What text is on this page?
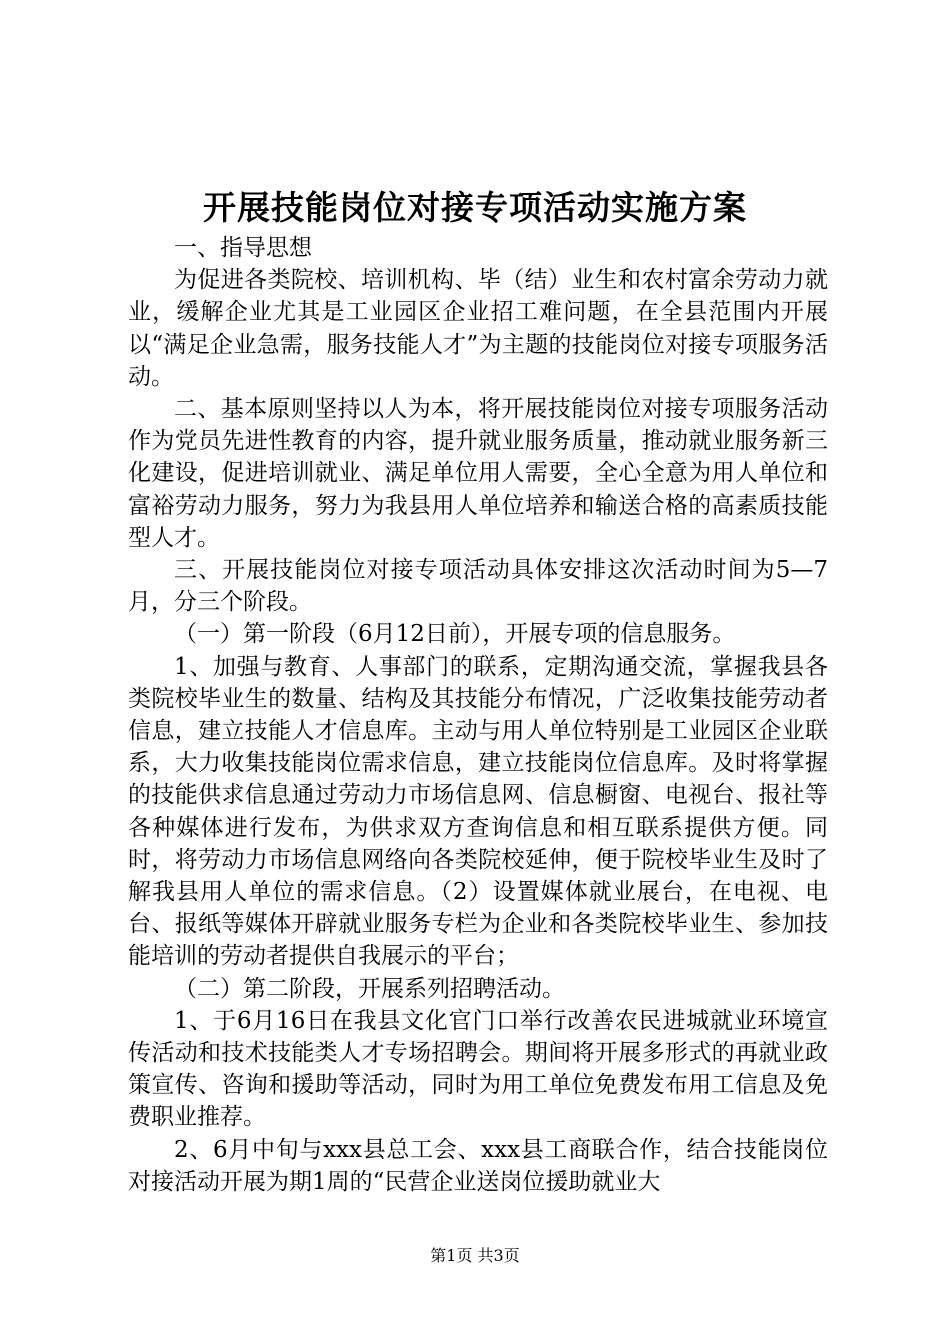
开展技能岗位对接专项活动实施方案

一、指导思想

为促进各类院校、培训机构、毕（结）业生和农村富余劳动力就业，缓解企业尤其是工业园区企业招工难问题，在全县范围内开展以“满足企业急需，服务技能人才”为主题的技能岗位对接专项服务活动。

二、基本原则坚持以人为本，将开展技能岗位对接专项服务活动作为党员先进性教育的内容，提升就业服务质量，推动就业服务新三化建设，促进培训就业、满足单位用人需要，全心全意为用人单位和富裕劳动力服务，努力为我县用人单位培养和输送合格的高素质技能型人才。

三、开展技能岗位对接专项活动具体安排这次活动时间为5—7月，分三个阶段。

（一）第一阶段（6月12日前），开展专项的信息服务。

1、加强与教育、人事部门的联系，定期沟通交流，掌握我县各类院校毕业生的数量、结构及其技能分布情况，广泛收集技能劳动者信息，建立技能人才信息库。主动与用人单位特别是工业园区企业联系，大力收集技能岗位需求信息，建立技能岗位信息库。及时将掌握的技能供求信息通过劳动力市场信息网、信息橱窗、电视台、报社等各种媒体进行发布，为供求双方查询信息和相互联系提供方便。同时，将劳动力市场信息网络向各类院校延伸，便于院校毕业生及时了解我县用人单位的需求信息。（2）设置媒体就业展台，在电视、电台、报纸等媒体开辟就业服务专栏为企业和各类院校毕业生、参加技能培训的劳动者提供自我展示的平台；

（二）第二阶段，开展系列招聘活动。

1、于6月16日在我县文化官门口举行改善农民进城就业环境宣传活动和技术技能类人才专场招聘会。期间将开展多形式的再就业政策宣传、咨询和援助等活动，同时为用工单位免费发布用工信息及免费职业推荐。

2、6月中旬与xxx县总工会、xxx县工商联合作，结合技能岗位对接活动开展为期1周的“民营企业送岗位援助就业大

第1页 共3页
